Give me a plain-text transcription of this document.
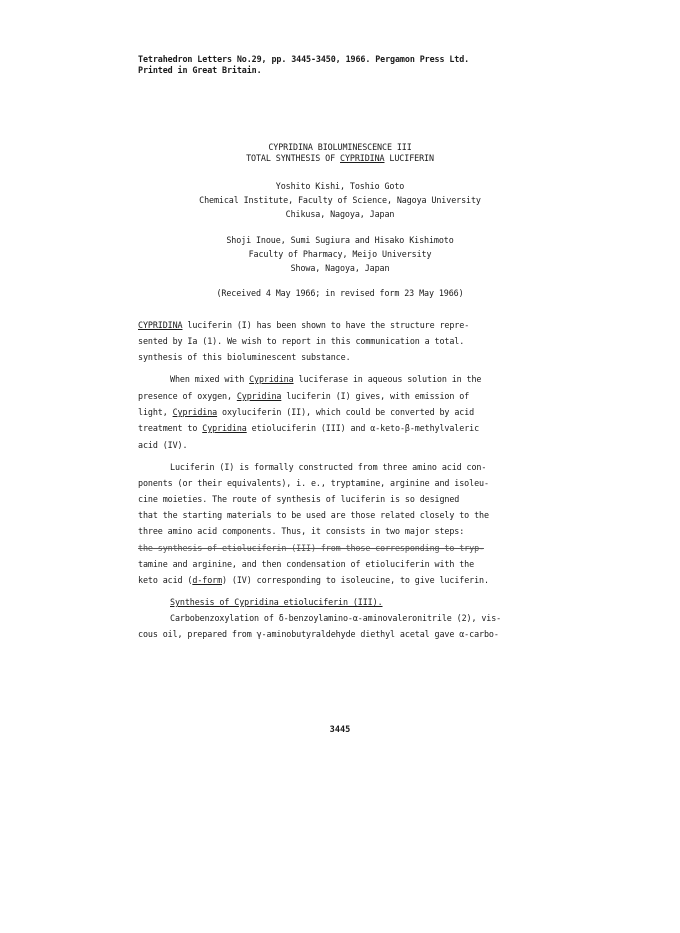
Tetrahedron Letters No.29, pp. 3445-3450, 1966. Pergamon Press Ltd.
Printed in Great Britain.
CYPRIDINA BIOLUMINESCENCE III
TOTAL SYNTHESIS OF CYPRIDINA LUCIFERIN
Yoshito Kishi, Toshio Goto
Chemical Institute, Faculty of Science, Nagoya University
Chikusa, Nagoya, Japan
Shoji Inoue, Sumi Sugiura and Hisako Kishimoto
Faculty of Pharmacy, Meijo University
Showa, Nagoya, Japan
(Received 4 May 1966; in revised form 23 May 1966)
CYPRIDINA luciferin (I) has been shown to have the structure repre-
sented by Ia (1). We wish to report in this communication a total.
synthesis of this bioluminescent substance.
When mixed with Cypridina luciferase in aqueous solution in the
presence of oxygen, Cypridina luciferin (I) gives, with emission of
light, Cypridina oxyluciferin (II), which could be converted by acid
treatment to Cypridina etioluciferin (III) and α-keto-β-methylvaleric
acid (IV).
Luciferin (I) is formally constructed from three amino acid con-
ponents (or their equivalents), i. e., tryptamine, arginine and isoleu-
cine moieties. The route of synthesis of luciferin is so designed
that the starting materials to be used are those related closely to the
three amino acid components. Thus, it consists in two major steps:
the synthesis of etioluciferin (III) from those corresponding to tryp-
tamine and arginine, and then condensation of etioluciferin with the
keto acid (d-form) (IV) corresponding to isoleucine, to give luciferin.
Synthesis of Cypridina etioluciferin (III).
Carbobenzoxylation of δ-benzoylamino-α-aminovaleronitrile (2), vis-
cous oil, prepared from γ-aminobutyraldehyde diethyl acetal gave α-carbo-
3445
